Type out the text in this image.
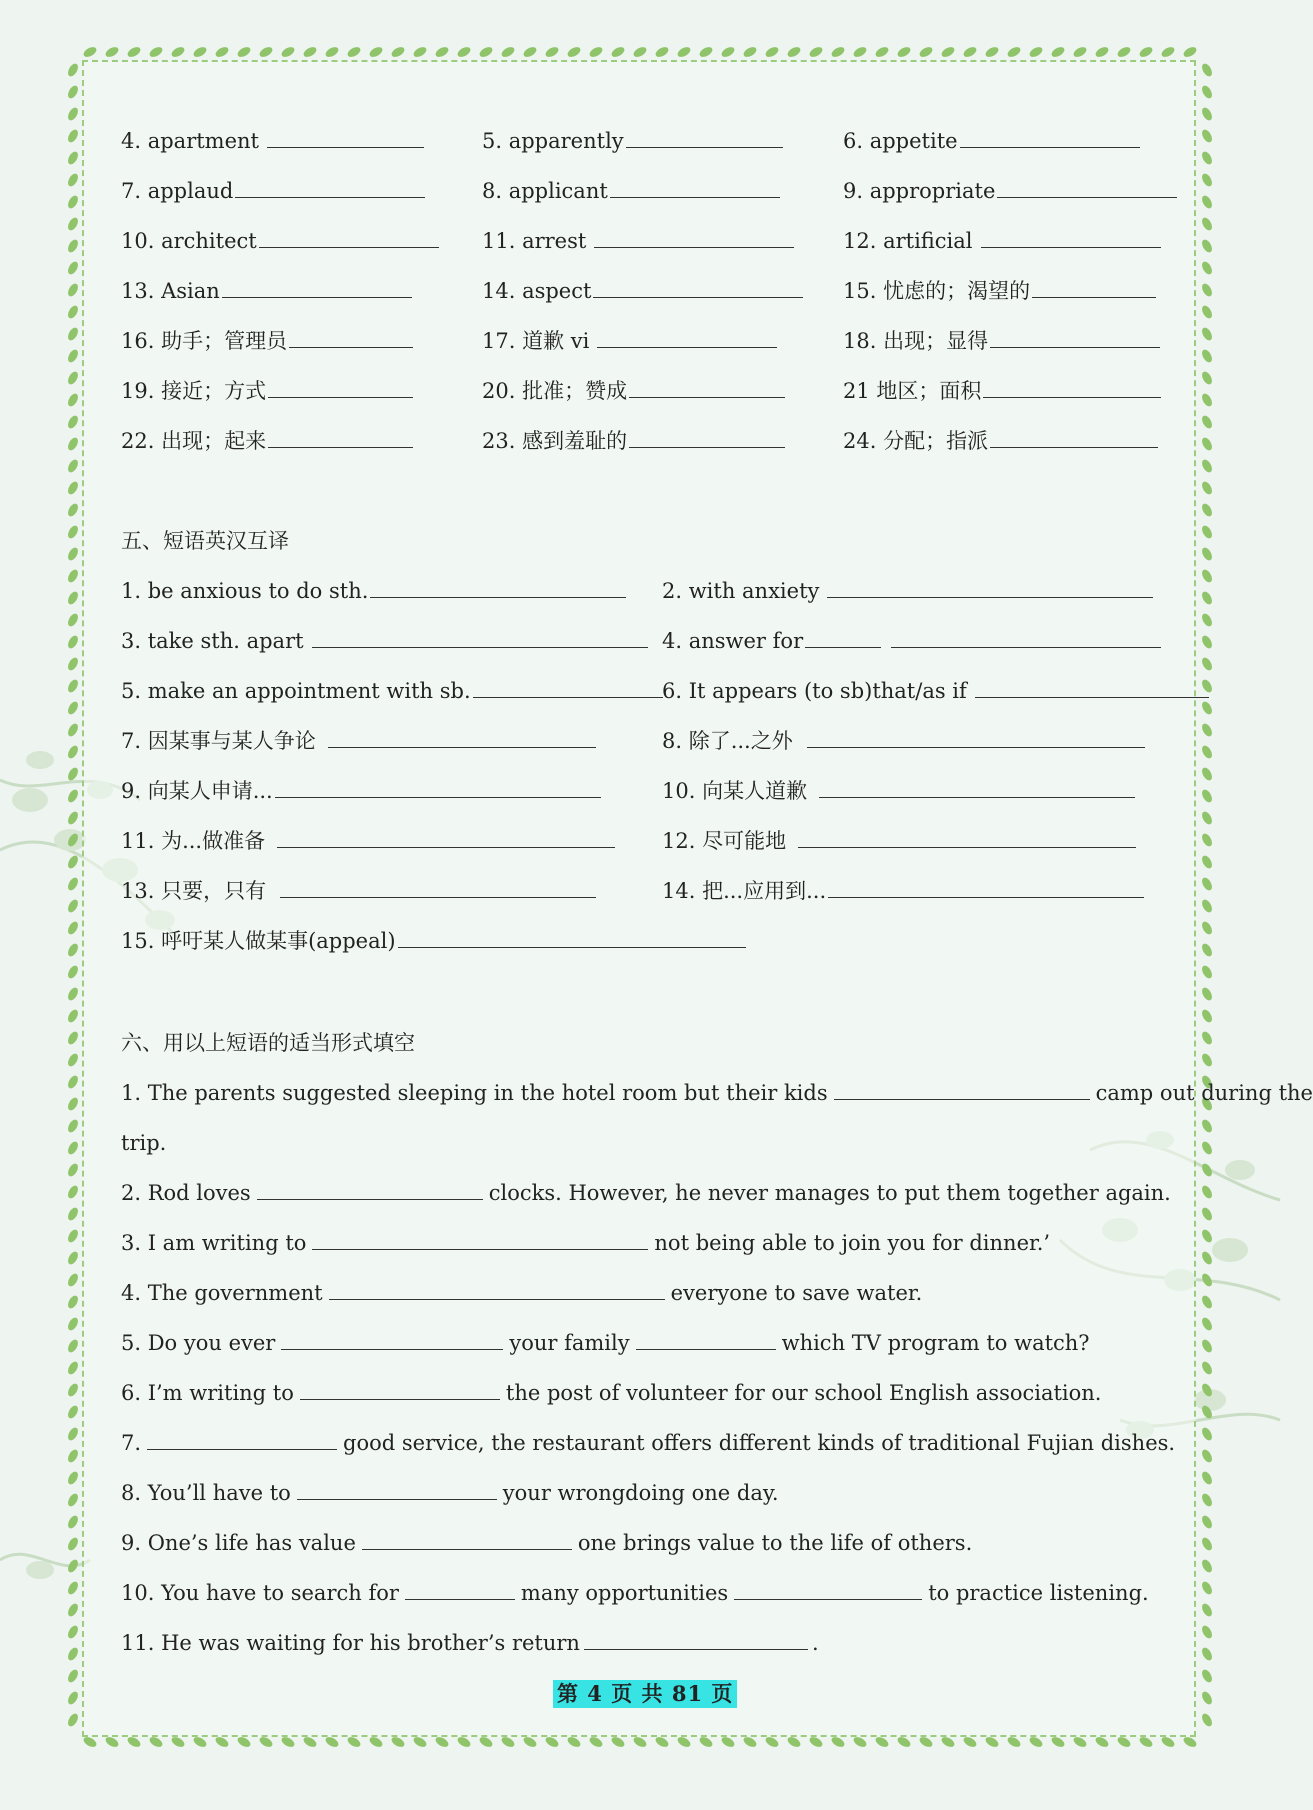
4. apartment	5. apparently	6. appetite
7. applaud	8. applicant	9. appropriate
10. architect	11. arrest	12. artificial
13. Asian	14. aspect	15. 忧虑的；渴望的
16. 助手；管理员	17. 道歉 vi	18. 出现；显得
19. 接近；方式	20. 批准；赞成	21 地区；面积
22. 出现；起来	23. 感到羞耻的	24. 分配；指派
五、短语英汉互译
1. be anxious to do sth.	2. with anxiety
3. take sth. apart	4. answer for
5. make an appointment with sb.	6. It appears (to sb)that/as if
7. 因某事与某人争论	8. 除了...之外
9. 向某人申请...	10. 向某人道歉
11. 为...做准备	12. 尽可能地
13. 只要，只有	14. 把...应用到...
15. 呼吁某人做某事(appeal)
六、用以上短语的适当形式填空
1. The parents suggested sleeping in the hotel room but their kids	camp out during the
trip.
2. Rod loves	clocks. However, he never manages to put them together again.
3. I am writing to	not being able to join you for dinner.’
4. The government	everyone to save water.
5. Do you ever	your family	which TV program to watch?
6. I’m writing to	the post of volunteer for our school English association.
7.	good service, the restaurant offers different kinds of traditional Fujian dishes.
8. You’ll have to	your wrongdoing one day.
9. One’s life has value	one brings value to the life of others.
10. You have to search for	many opportunities	to practice listening.
11. He was waiting for his brother’s return	.
第 4 页 共 81 页
